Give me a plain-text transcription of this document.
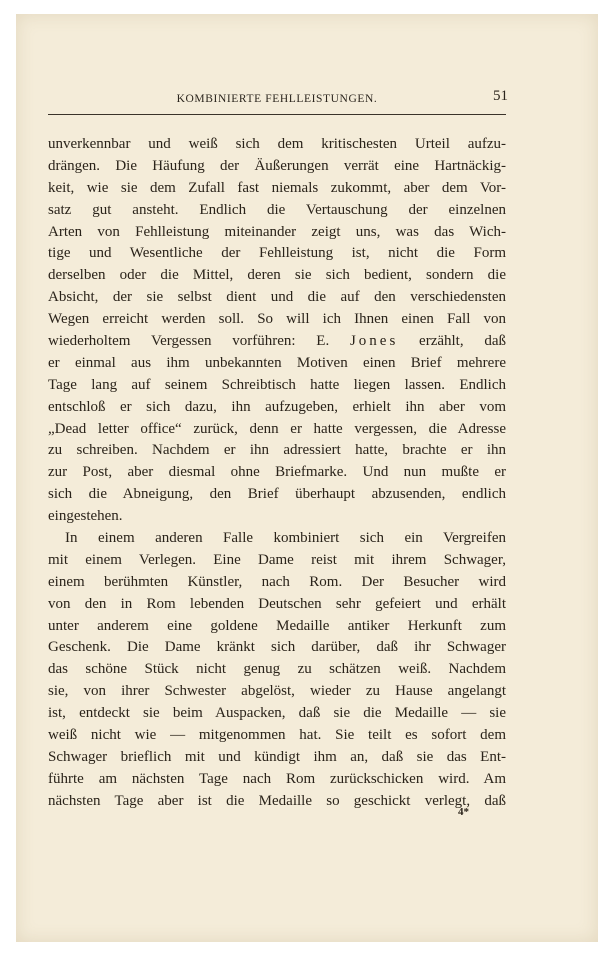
KOMBINIERTE FEHLLEISTUNGEN.	51
unverkennbar und weiß sich dem kritischesten Urteil aufzu-
drängen. Die Häufung der Äußerungen verrät eine Hartnäckig-
keit, wie sie dem Zufall fast niemals zukommt, aber dem Vor-
satz gut ansteht. Endlich die Vertauschung der einzelnen
Arten von Fehlleistung miteinander zeigt uns, was das Wich-
tige und Wesentliche der Fehlleistung ist, nicht die Form
derselben oder die Mittel, deren sie sich bedient, sondern die
Absicht, der sie selbst dient und die auf den verschiedensten
Wegen erreicht werden soll. So will ich Ihnen einen Fall von
wiederholtem Vergessen vorführen: E. Jones erzählt, daß
er einmal aus ihm unbekannten Motiven einen Brief mehrere
Tage lang auf seinem Schreibtisch hatte liegen lassen. Endlich
entschloß er sich dazu, ihn aufzugeben, erhielt ihn aber vom
„Dead letter office“ zurück, denn er hatte vergessen, die Adresse
zu schreiben. Nachdem er ihn adressiert hatte, brachte er ihn
zur Post, aber diesmal ohne Briefmarke. Und nun mußte er
sich die Abneigung, den Brief überhaupt abzusenden, endlich
eingestehen.
In einem anderen Falle kombiniert sich ein Vergreifen
mit einem Verlegen. Eine Dame reist mit ihrem Schwager,
einem berühmten Künstler, nach Rom. Der Besucher wird
von den in Rom lebenden Deutschen sehr gefeiert und erhält
unter anderem eine goldene Medaille antiker Herkunft zum
Geschenk. Die Dame kränkt sich darüber, daß ihr Schwager
das schöne Stück nicht genug zu schätzen weiß. Nachdem
sie, von ihrer Schwester abgelöst, wieder zu Hause angelangt
ist, entdeckt sie beim Auspacken, daß sie die Medaille — sie
weiß nicht wie — mitgenommen hat. Sie teilt es sofort dem
Schwager brieflich mit und kündigt ihm an, daß sie das Ent-
führte am nächsten Tage nach Rom zurückschicken wird. Am
nächsten Tage aber ist die Medaille so geschickt verlegt, daß
4*
